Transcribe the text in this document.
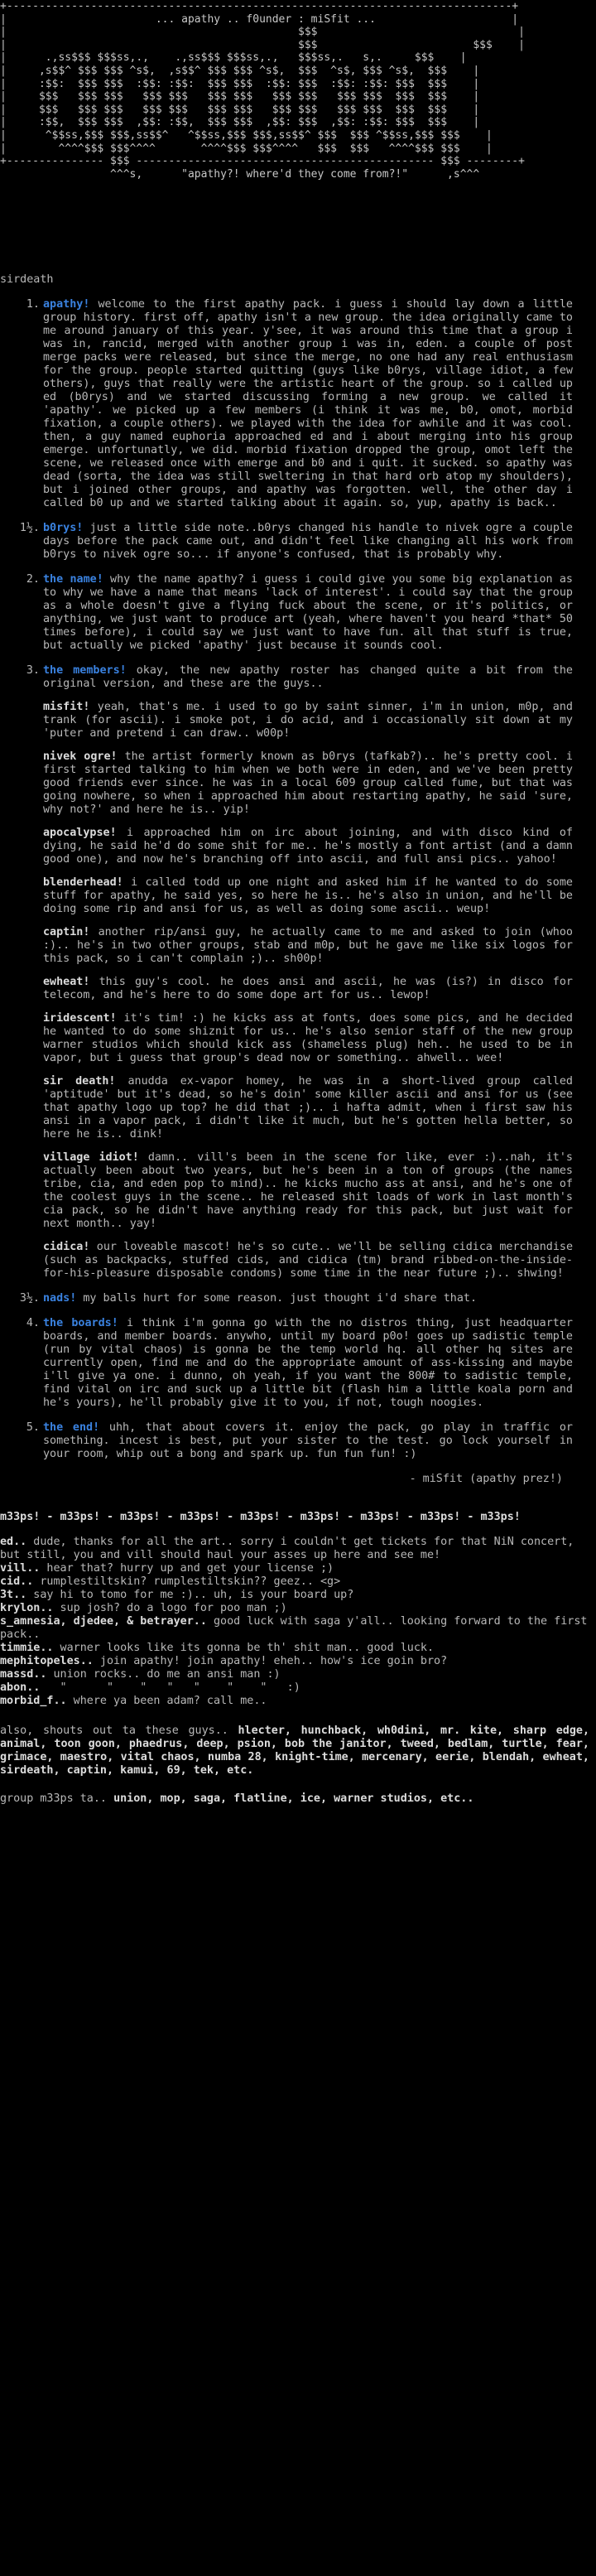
+------------------------------------------------------------------------------+
|                       ... apathy .. f0under : miSfit ...                     |
|                                             $$$                               |
|                                             $$$                        $$$    |
|      .,ss$$$ $$$ss,.,    .,ss$$$ $$$ss,.,   $$$ss,.   s,.     $$$    |
|     ,s$$^ $$$ $$$ ^s$,  ,s$$^ $$$ $$$ ^s$,  $$$  ^s$, $$$ ^s$,  $$$    |
|     :$$:  $$$ $$$  :$$: :$$:  $$$ $$$  :$$: $$$  :$$: :$$: $$$  $$$    |
|     $$$   $$$ $$$   $$$ $$$   $$$ $$$   $$$ $$$   $$$ $$$  $$$  $$$    |
|     $$$   $$$ $$$   $$$ $$$   $$$ $$$   $$$ $$$   $$$ $$$  $$$  $$$    |
|     :$$,  $$$ $$$  ,$$: :$$,  $$$ $$$  ,$$: $$$  ,$$: :$$: $$$  $$$    |
|      ^$$ss,$$$ $$$,ss$$^   ^$$ss,$$$ $$$,ss$$^ $$$  $$$ ^$$ss,$$$ $$$    |
|        ^^^^$$$ $$$^^^^       ^^^^$$$ $$$^^^^   $$$  $$$   ^^^^$$$ $$$    |
+--------------- $$$ ---------------------------------------------- $$$ --------+
^^^s,      "apathy?! where'd they come from?!"      ,s^^^

sirdeath
1. apathy! welcome to the first apathy pack. i guess i should lay down a little group history. first off, apathy isn't a new group. the idea originally came to me around january of this year. y'see, it was around this time that a group i was in, rancid, merged with another group i was in, eden. a couple of post merge packs were released, but since the merge, no one had any real enthusiasm for the group. people started quitting (guys like b0rys, village idiot, a few others), guys that really were the artistic heart of the group. so i called up ed (b0rys) and we started discussing forming a new group. we called it 'apathy'. we picked up a few members (i think it was me, b0, omot, morbid fixation, a couple others). we played with the idea for awhile and it was cool. then, a guy named euphoria approached ed and i about merging into his group emerge. unfortunatly, we did. morbid fixation dropped the group, omot left the scene, we released once with emerge and b0 and i quit. it sucked. so apathy was dead (sorta, the idea was still sweltering in that hard orb atop my shoulders), but i joined other groups, and apathy was forgotten. well, the other day i called b0 up and we started talking about it again. so, yup, apathy is back..
1½. b0rys! just a little side note..b0rys changed his handle to nivek ogre a couple days before the pack came out, and didn't feel like changing all his work from b0rys to nivek ogre so... if anyone's confused, that is probably why.
2. the name! why the name apathy? i guess i could give you some big explanation as to why we have a name that means 'lack of interest'. i could say that the group as a whole doesn't give a flying fuck about the scene, or it's politics, or anything, we just want to produce art (yeah, where haven't you heard *that* 50 times before), i could say we just want to have fun. all that stuff is true, but actually we picked 'apathy' just because it sounds cool.
3. the members! okay, the new apathy roster has changed quite a bit from the original version, and these are the guys..
misfit! yeah, that's me. i used to go by saint sinner, i'm in union, m0p, and trank (for ascii). i smoke pot, i do acid, and i occasionally sit down at my 'puter and pretend i can draw.. w00p!
nivek ogre! the artist formerly known as b0rys (tafkab?).. he's pretty cool. i first started talking to him when we both were in eden, and we've been pretty good friends ever since. he was in a local 609 group called fume, but that was going nowhere, so when i approached him about restarting apathy, he said 'sure, why not?' and here he is.. yip!
apocalypse! i approached him on irc about joining, and with disco kind of dying, he said he'd do some shit for me.. he's mostly a font artist (and a damn good one), and now he's branching off into ascii, and full ansi pics.. yahoo!
blenderhead! i called todd up one night and asked him if he wanted to do some stuff for apathy, he said yes, so here he is.. he's also in union, and he'll be doing some rip and ansi for us, as well as doing some ascii.. weup!
captin! another rip/ansi guy, he actually came to me and asked to join (whoo :).. he's in two other groups, stab and m0p, but he gave me like six logos for this pack, so i can't complain ;).. sh00p!
ewheat! this guy's cool. he does ansi and ascii, he was (is?) in disco for telecom, and he's here to do some dope art for us.. lewop!
iridescent! it's tim! :) he kicks ass at fonts, does some pics, and he decided he wanted to do some shiznit for us.. he's also senior staff of the new group warner studios which should kick ass (shameless plug) heh.. he used to be in vapor, but i guess that group's dead now or something.. ahwell.. wee!
sir death! anudda ex-vapor homey, he was in a short-lived group called 'aptitude' but it's dead, so he's doin' some killer ascii and ansi for us (see that apathy logo up top? he did that ;).. i hafta admit, when i first saw his ansi in a vapor pack, i didn't like it much, but he's gotten hella better, so here he is.. dink!
village idiot! damn.. vill's been in the scene for like, ever :)..nah, it's actually been about two years, but he's been in a ton of groups (the names tribe, cia, and eden pop to mind).. he kicks mucho ass at ansi, and he's one of the coolest guys in the scene.. he released shit loads of work in last month's cia pack, so he didn't have anything ready for this pack, but just wait for next month.. yay!
cidica! our loveable mascot! he's so cute.. we'll be selling cidica merchandise (such as backpacks, stuffed cids, and cidica (tm) brand ribbed-on-the-inside-for-his-pleasure disposable condoms) some time in the near future ;).. shwing!
3½. nads! my balls hurt for some reason. just thought i'd share that.
4. the boards! i think i'm gonna go with the no distros thing, just headquarter boards, and member boards. anywho, until my board p0o! goes up sadistic temple (run by vital chaos) is gonna be the temp world hq. all other hq sites are currently open, find me and do the appropriate amount of ass-kissing and maybe i'll give ya one. i dunno, oh yeah, if you want the 800# to sadistic temple, find vital on irc and suck up a little bit (flash him a little koala porn and he's yours), he'll probably give it to you, if not, tough noogies.
5. the end! uhh, that about covers it. enjoy the pack, go play in traffic or something. incest is best, put your sister to the test. go lock yourself in your room, whip out a bong and spark up. fun fun fun! :)
- miSfit (apathy prez!)
m33ps! - m33ps! - m33ps! - m33ps! - m33ps! - m33ps! - m33ps! - m33ps! - m33ps!
ed.. dude, thanks for all the art.. sorry i couldn't get tickets for that NiN concert, but still, you and vill should haul your asses up here and see me!
vill.. hear that? hurry up and get your license ;)
cid.. rumplestiltskin? rumplestiltskin?? geez.. <g>
3t.. say hi to tomo for me :).. uh, is your board up?
krylon.. sup josh? do a logo for poo man ;)
s_amnesia, djedee, & betrayer.. good luck with saga y'all.. looking forward to the first pack..
timmie.. warner looks like its gonna be th' shit man.. good luck.
mephitopeles.. join apathy! join apathy! eheh.. how's ice goin bro?
massd.. union rocks.. do me an ansi man :)
abon..   "      "    "   "   "    "    "   :)
morbid_f.. where ya been adam? call me..
also, shouts out ta these guys.. hlecter, hunchback, wh0dini, mr. kite, sharp edge, animal, toon goon, phaedrus, deep, psion, bob the janitor, tweed, bedlam, turtle, fear, grimace, maestro, vital chaos, numba 28, knight-time, mercenary, eerie, blendah, ewheat, sirdeath, captin, kamui, 69, tek, etc.
group m33ps ta.. union, mop, saga, flatline, ice, warner studios, etc..
